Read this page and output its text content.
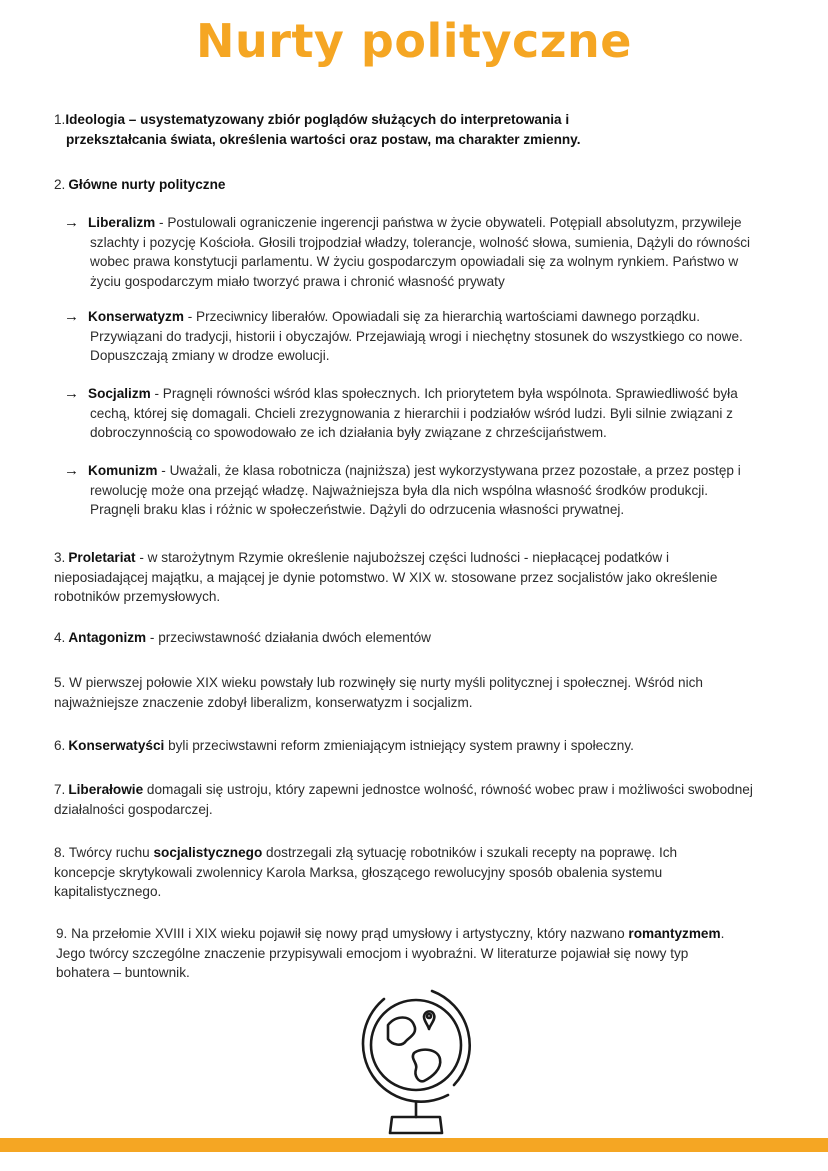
Nurty polityczne
1.Ideologia – usystematyzowany zbiór poglądów służących do interpretowania i
przekształcania świata, określenia wartości oraz postaw, ma charakter zmienny.
2. Główne nurty polityczne
→ Liberalizm - Postulowali ograniczenie ingerencji państwa w życie obywateli. Potępiall absolutyzm, przywileje
szlachty i pozycję Kościoła. Głosili trojpodział władzy, tolerancje, wolność słowa, sumienia, Dążyli do równości
wobec prawa konstytucji parlamentu. W życiu gospodarczym opowiadali się za wolnym rynkiem. Państwo w
życiu gospodarczym miało tworzyć prawa i chronić własność prywaty
→ Konserwatyzm - Przeciwnicy liberałów. Opowiadali się za hierarchią wartościami dawnego porządku.
Przywiązani do tradycji, historii i obyczajów. Przejawiają wrogi i niechętny stosunek do wszystkiego co nowe.
Dopuszczają zmiany w drodze ewolucji.
→ Socjalizm - Pragnęli równości wśród klas społecznych. Ich priorytetem była wspólnota. Sprawiedliwość była
cechą, której się domagali. Chcieli zrezygnowania z hierarchii i podziałów wśród ludzi. Byli silnie związani z
dobroczynnością co spowodowało ze ich działania były związane z chrześcijaństwem.
→ Komunizm - Uważali, że klasa robotnicza (najniższa) jest wykorzystywana przez pozostałe, a przez postęp i
rewolucję może ona przejąć władzę. Najważniejsza była dla nich wspólna własność środków produkcji.
Pragnęli braku klas i różnic w społeczeństwie. Dążyli do odrzucenia własności prywatnej.
3. Proletariat - w starożytnym Rzymie określenie najuboższej części ludności - niepłacącej podatków i
nieposiadającej majątku, a mającej je dynie potomstwo. W XIX w. stosowane przez socjalistów jako określenie
robotników przemysłowych.
4. Antagonizm - przeciwstawność działania dwóch elementów
5. W pierwszej połowie XIX wieku powstały lub rozwinęły się nurty myśli politycznej i społecznej. Wśród nich
najważniejsze znaczenie zdobył liberalizm, konserwatyzm i socjalizm.
6. Konserwatyści byli przeciwstawni reform zmieniającym istniejący system prawny i społeczny.
7. Liberałowie domagali się ustroju, który zapewni jednostce wolność, równość wobec praw i możliwości swobodnej
działalności gospodarczej.
8. Twórcy ruchu socjalistycznego dostrzegali złą sytuację robotników i szukali recepty na poprawę. Ich
koncepcje skrytykowali zwolennicy Karola Marksa, głoszącego rewolucyjny sposób obalenia systemu
kapitalistycznego.
9. Na przełomie XVIII i XIX wieku pojawił się nowy prąd umysłowy i artystyczny, który nazwano romantyzmem.
Jego twórcy szczególne znaczenie przypisywali emocjom i wyobraźni. W literaturze pojawiał się nowy typ
bohatera – buntownik.
